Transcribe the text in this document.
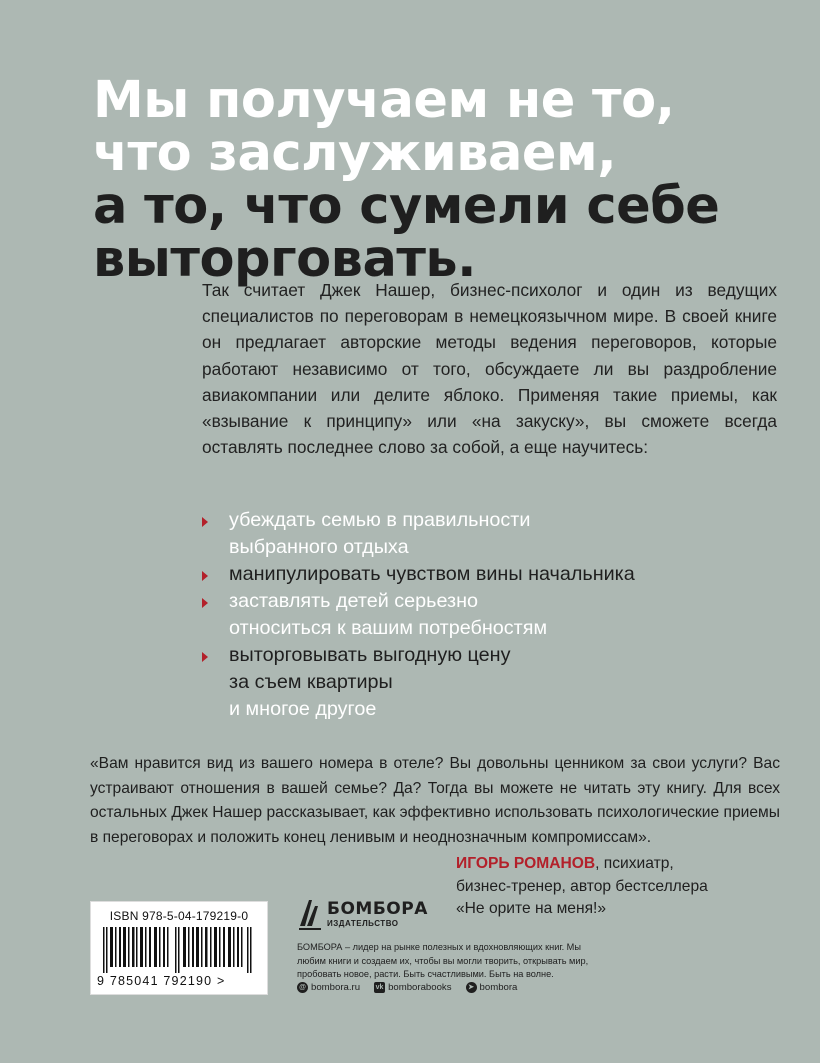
Мы получаем не то,
что заслуживаем,
а то, что сумели себе
выторговать.

Так считает Джек Нашер, бизнес-психолог и один из ведущих специалистов по переговорам в немецкоязычном мире. В своей книге он предлагает авторские методы ведения переговоров, которые работают независимо от того, обсуждаете ли вы раздробление авиакомпании или делите яблоко. Применяя такие приемы, как «взывание к принципу» или «на закуску», вы сможете всегда оставлять последнее слово за собой, а еще научитесь:

убеждать семью в правильности
выбранного отдыха
манипулировать чувством вины начальника
заставлять детей серьезно
относиться к вашим потребностям
выторговывать выгодную цену
за съем квартиры
и многое другое

«Вам нравится вид из вашего номера в отеле? Вы довольны ценником за свои услуги? Вас устраивают отношения в вашей семье? Да? Тогда вы можете не читать эту книгу. Для всех остальных Джек Нашер рассказывает, как эффективно использовать психологические приемы в переговорах и положить конец ленивым и неоднозначным компромиссам».

ИГОРЬ РОМАНОВ, психиатр,
бизнес-тренер, автор бестселлера
«Не орите на меня!»
ISBN 978-5-04-179219-0
9 785041 792190 >
БОМБОРА
ИЗДАТЕЛЬСТВО

БОМБОРА – лидер на рынке полезных и вдохновляющих книг. Мы любим книги и создаем их, чтобы вы могли творить, открывать мир, пробовать новое, расти. Быть счастливыми. Быть на волне.

@ bombora.ru vk bomborabooks	➤ bombora
